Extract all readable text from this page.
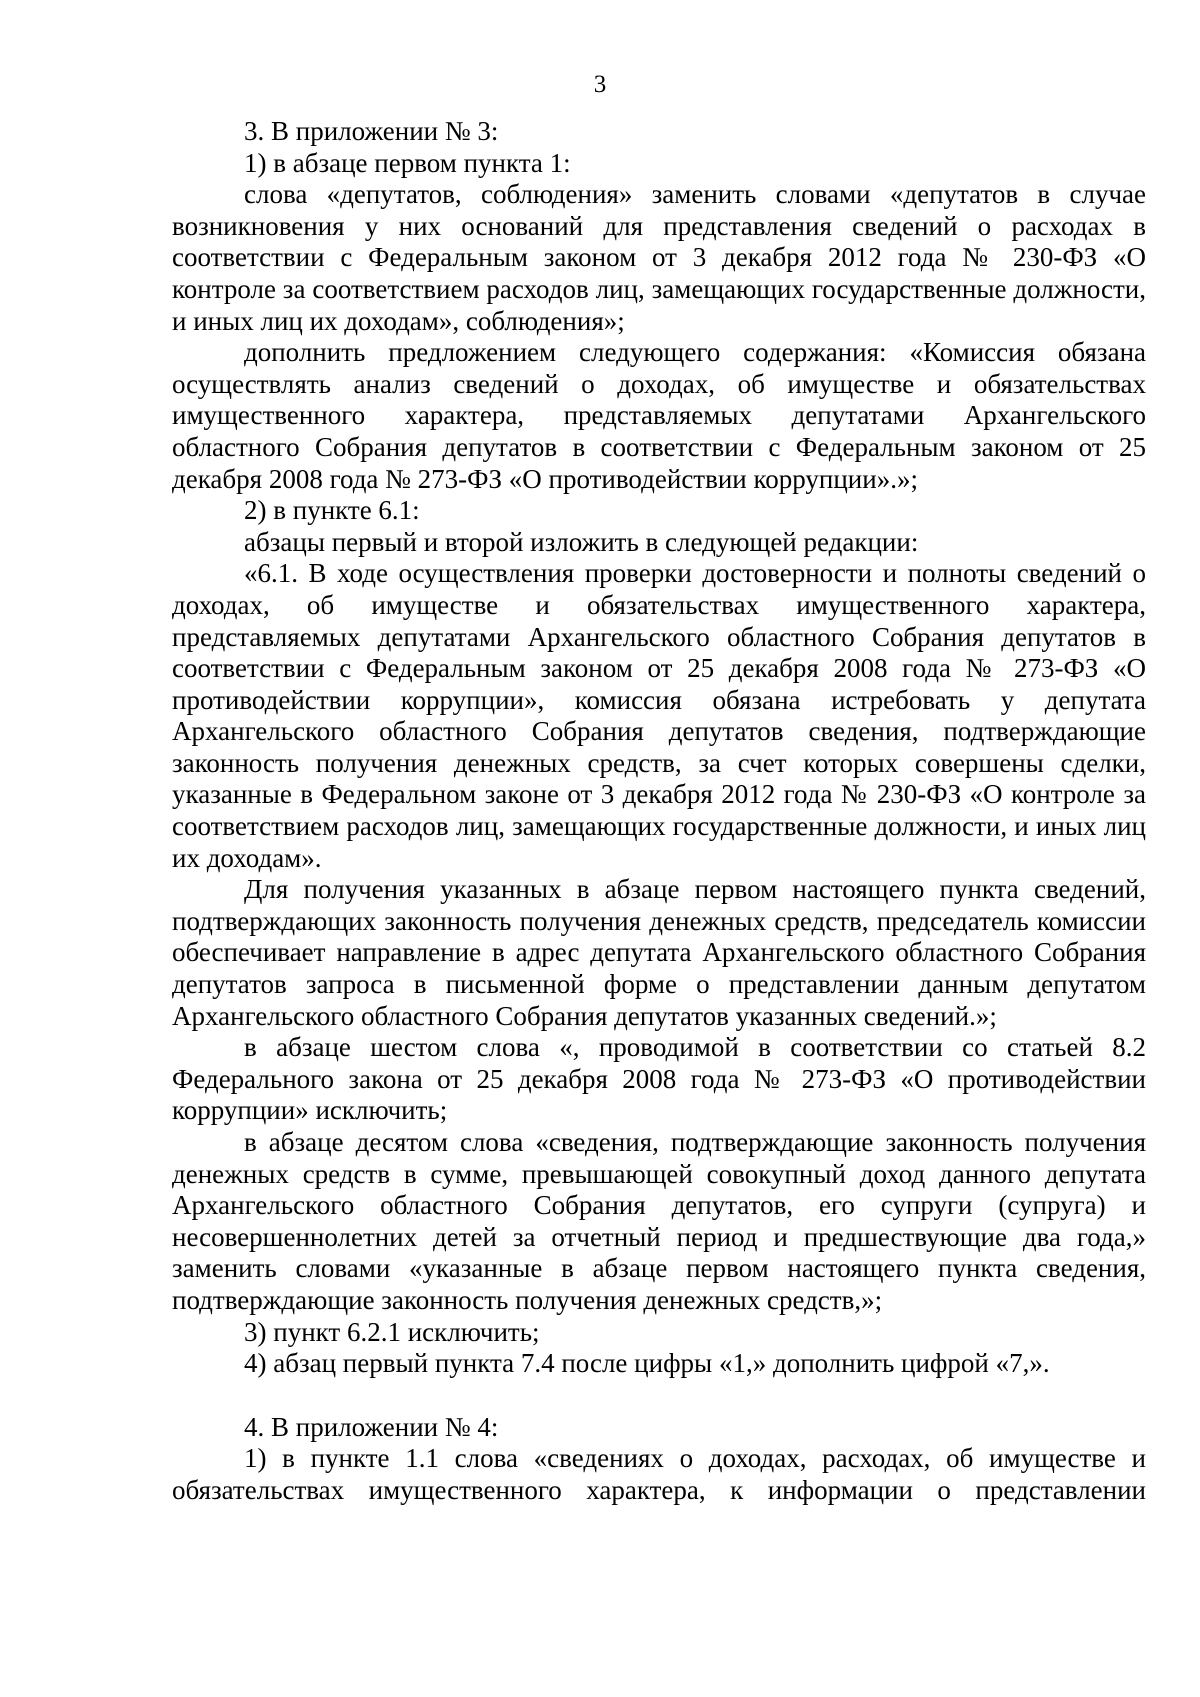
3

3. В приложении № 3:

1) в абзаце первом пункта 1:

слова «депутатов, соблюдения» заменить словами «депутатов в случае возникновения у них оснований для представления сведений о расходах в соответствии с Федеральным законом от 3 декабря 2012 года № 230-ФЗ «О контроле за соответствием расходов лиц, замещающих государственные должности, и иных лиц их доходам», соблюдения»;

дополнить предложением следующего содержания: «Комиссия обязана осуществлять анализ сведений о доходах, об имуществе и обязательствах имущественного характера, представляемых депутатами Архангельского областного Собрания депутатов в соответствии с Федеральным законом от 25 декабря 2008 года № 273-ФЗ «О противодействии коррупции».»;

2) в пункте 6.1:

абзацы первый и второй изложить в следующей редакции:

«6.1. В ходе осуществления проверки достоверности и полноты сведений о доходах, об имуществе и обязательствах имущественного характера, представляемых депутатами Архангельского областного Собрания депутатов в соответствии с Федеральным законом от 25 декабря 2008 года № 273-ФЗ «О противодействии коррупции», комиссия обязана истребовать у депутата Архангельского областного Собрания депутатов сведения, подтверждающие законность получения денежных средств, за счет которых совершены сделки, указанные в Федеральном законе от 3 декабря 2012 года № 230-ФЗ «О контроле за соответствием расходов лиц, замещающих государственные должности, и иных лиц их доходам».

Для получения указанных в абзаце первом настоящего пункта сведений, подтверждающих законность получения денежных средств, председатель комиссии обеспечивает направление в адрес депутата Архангельского областного Собрания депутатов запроса в письменной форме о представлении данным депутатом Архангельского областного Собрания депутатов указанных сведений.»;

в абзаце шестом слова «, проводимой в соответствии со статьей 8.2 Федерального закона от 25 декабря 2008 года № 273-ФЗ «О противодействии коррупции» исключить;

в абзаце десятом слова «сведения, подтверждающие законность получения денежных средств в сумме, превышающей совокупный доход данного депутата Архангельского областного Собрания депутатов, его супруги (супруга) и несовершеннолетних детей за отчетный период и предшествующие два года,» заменить словами «указанные в абзаце первом настоящего пункта сведения, подтверждающие законность получения денежных средств,»;

3) пункт 6.2.1 исключить;

4) абзац первый пункта 7.4 после цифры «1,» дополнить цифрой «7,».

4. В приложении № 4:

1) в пункте 1.1 слова «сведениях о доходах, расходах, об имуществе и обязательствах имущественного характера, к информации о представлении
